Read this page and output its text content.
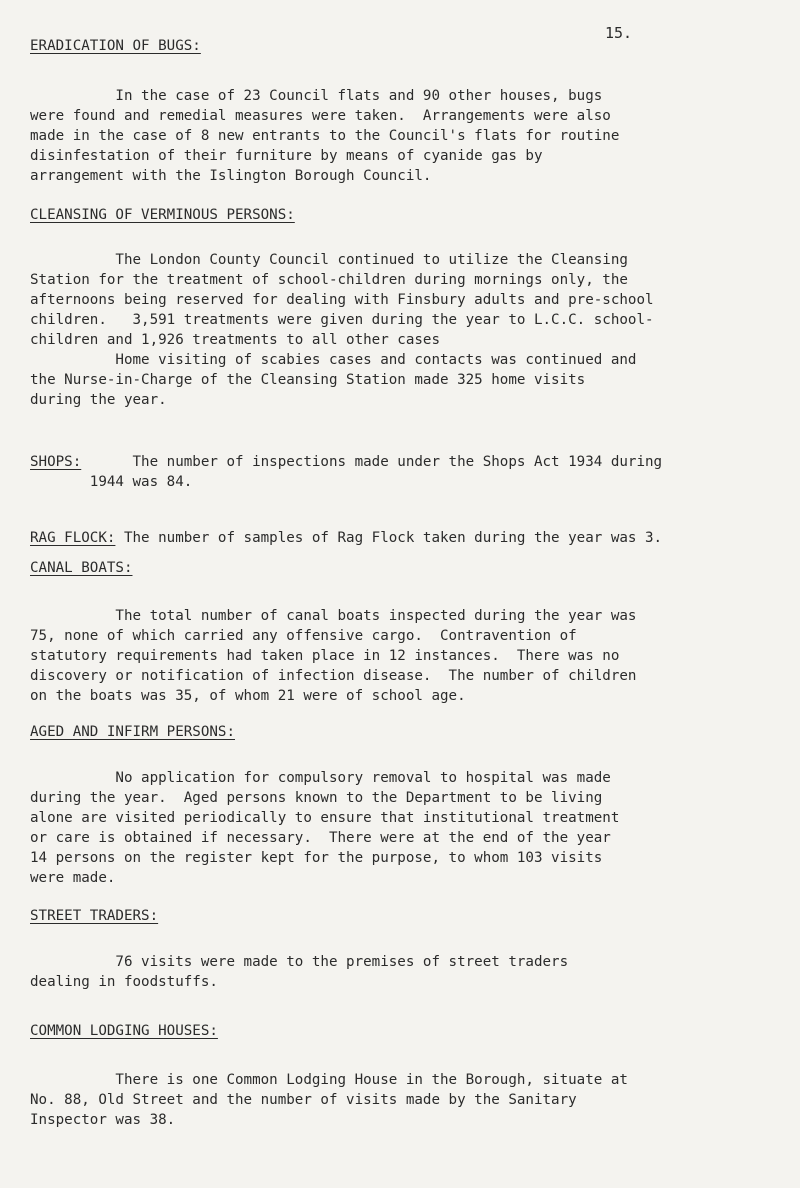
15.
ERADICATION OF BUGS:
In the case of 23 Council flats and 90 other houses, bugs
were found and remedial measures were taken.  Arrangements were also
made in the case of 8 new entrants to the Council's flats for routine
disinfestation of their furniture by means of cyanide gas by
arrangement with the Islington Borough Council.
CLEANSING OF VERMINOUS PERSONS:
The London County Council continued to utilize the Cleansing
Station for the treatment of school-children during mornings only, the
afternoons being reserved for dealing with Finsbury adults and pre-school
children.   3,591 treatments were given during the year to L.C.C. school-
children and 1,926 treatments to all other cases
Home visiting of scabies cases and contacts was continued and
the Nurse-in-Charge of the Cleansing Station made 325 home visits
during the year.
SHOPS:      The number of inspections made under the Shops Act 1934 during
1944 was 84.
RAG FLOCK: The number of samples of Rag Flock taken during the year was 3.
CANAL BOATS:
The total number of canal boats inspected during the year was
75, none of which carried any offensive cargo.  Contravention of
statutory requirements had taken place in 12 instances.  There was no
discovery or notification of infection disease.  The number of children
on the boats was 35, of whom 21 were of school age.
AGED AND INFIRM PERSONS:
No application for compulsory removal to hospital was made
during the year.  Aged persons known to the Department to be living
alone are visited periodically to ensure that institutional treatment
or care is obtained if necessary.  There were at the end of the year
14 persons on the register kept for the purpose, to whom 103 visits
were made.
STREET TRADERS:
76 visits were made to the premises of street traders
dealing in foodstuffs.
COMMON LODGING HOUSES:
There is one Common Lodging House in the Borough, situate at
No. 88, Old Street and the number of visits made by the Sanitary
Inspector was 38.
